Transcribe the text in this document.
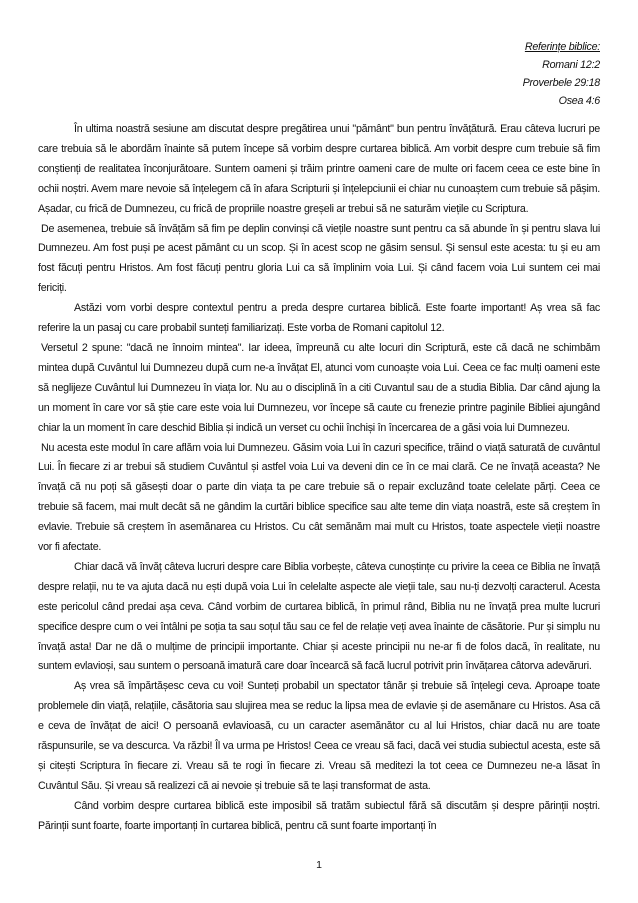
Referințe biblice:
Romani 12:2
Proverbele 29:18
Osea 4:6

În ultima noastră sesiune am discutat despre pregătirea unui "pământ" bun pentru învățătură. Erau câteva lucruri pe care trebuia să le abordăm înainte să putem începe să vorbim despre curtarea biblică. Am vorbit despre cum trebuie să fim conștienți de realitatea înconjurătoare. Suntem oameni și trăim printre oameni care de multe ori facem ceea ce este bine în ochii noștri. Avem mare nevoie să înțelegem că în afara Scripturii și înțelepciunii ei chiar nu cunoaștem cum trebuie să pășim. Așadar, cu frică de Dumnezeu, cu frică de propriile noastre greșeli ar trebui să ne saturăm viețile cu Scriptura.

De asemenea, trebuie să învățăm să fim pe deplin convinși că viețile noastre sunt pentru ca să abunde în și pentru slava lui Dumnezeu. Am fost puși pe acest pământ cu un scop. Și în acest scop ne găsim sensul. Și sensul este acesta: tu și eu am fost făcuți pentru Hristos. Am fost făcuți pentru gloria Lui ca să împlinim voia Lui. Și când facem voia Lui suntem cei mai fericiți.

Astăzi vom vorbi despre contextul pentru a preda despre curtarea biblică. Este foarte important! Aș vrea să fac referire la un pasaj cu care probabil sunteți familiarizați. Este vorba de Romani capitolul 12.

Versetul 2 spune: "dacă ne înnoim mintea". Iar ideea, împreună cu alte locuri din Scriptură, este că dacă ne schimbăm mintea după Cuvântul lui Dumnezeu după cum ne-a învățat El, atunci vom cunoaște voia Lui. Ceea ce fac mulți oameni este să neglijeze Cuvântul lui Dumnezeu în viața lor. Nu au o disciplină în a citi Cuvantul sau de a studia Biblia. Dar când ajung la un moment în care vor să știe care este voia lui Dumnezeu, vor începe să caute cu frenezie printre paginile Bibliei ajungând chiar la un moment în care deschid Biblia și indică un verset cu ochii închiși în încercarea de a găsi voia lui Dumnezeu.

Nu acesta este modul în care aflăm voia lui Dumnezeu. Găsim voia Lui în cazuri specifice, trăind o viață saturată de cuvântul Lui. În fiecare zi ar trebui să studiem Cuvântul și astfel voia Lui va deveni din ce în ce mai clară. Ce ne învață aceasta? Ne învață că nu poți să găsești doar o parte din viața ta pe care trebuie să o repair excluzând toate celelate părți. Ceea ce trebuie să facem, mai mult decât să ne gândim la curtări biblice specifice sau alte teme din viața noastră, este să creștem în evlavie. Trebuie să creștem în asemănarea cu Hristos. Cu cât semănăm mai mult cu Hristos, toate aspectele vieții noastre vor fi afectate.

Chiar dacă vă învăț câteva lucruri despre care Biblia vorbește, câteva cunoștințe cu privire la ceea ce Biblia ne învață despre relații, nu te va ajuta dacă nu ești după voia Lui în celelalte aspecte ale vieții tale, sau nu-ți dezvolți caracterul. Acesta este pericolul când predai așa ceva. Când vorbim de curtarea biblică, în primul rând, Biblia nu ne învață prea multe lucruri specifice despre cum o vei întâlni pe soția ta sau soțul tău sau ce fel de relație veți avea înainte de căsătorie. Pur și simplu nu învață asta! Dar ne dă o mulțime de principii importante. Chiar și aceste principii nu ne-ar fi de folos dacă, în realitate, nu suntem evlavioși, sau suntem o persoană imatură care doar încearcă să facă lucrul potrivit prin învățarea câtorva adevăruri.

Aș vrea să împărtășesc ceva cu voi! Sunteți probabil un spectator tânăr și trebuie să înțelegi ceva. Aproape toate problemele din viață, relațiile, căsătoria sau slujirea mea se reduc la lipsa mea de evlavie și de asemănare cu Hristos. Asa că e ceva de învățat de aici! O persoană evlavioasă, cu un caracter asemănător cu al lui Hristos, chiar dacă nu are toate răspunsurile, se va descurca. Va răzbi! Îl va urma pe Hristos! Ceea ce vreau să faci, dacă vei studia subiectul acesta, este să și citești Scriptura în fiecare zi. Vreau să te rogi în fiecare zi. Vreau să meditezi la tot ceea ce Dumnezeu ne-a lăsat în Cuvântul Său. Și vreau să realizezi că ai nevoie și trebuie să te lași transformat de asta.

Când vorbim despre curtarea biblică este imposibil să tratăm subiectul fără să discutăm și despre părinții noștri. Părinții sunt foarte, foarte importanți în curtarea biblică, pentru că sunt foarte importanți în

1
